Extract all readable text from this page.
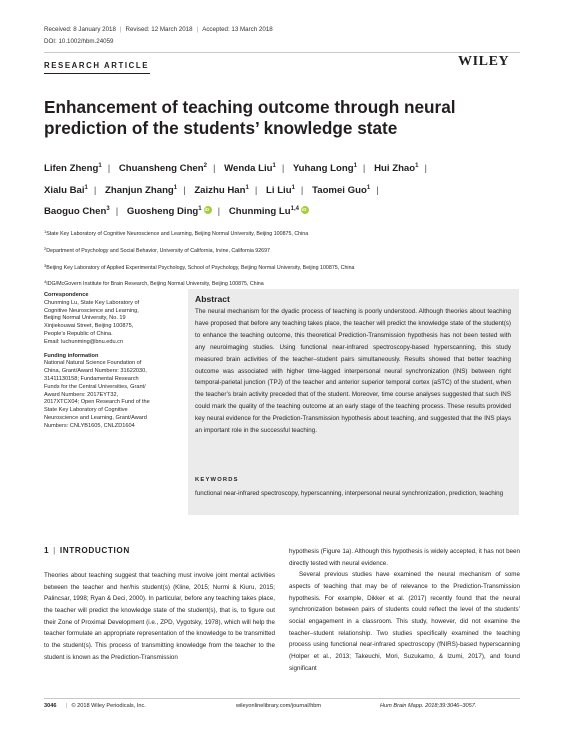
Received: 8 January 2018 | Revised: 12 March 2018 | Accepted: 13 March 2018
DOI: 10.1002/hbm.24059
RESEARCH ARTICLE	WILEY
Enhancement of teaching outcome through neural prediction of the students’ knowledge state
Lifen Zheng$^1$ | Chuansheng Chen$^2$ | Wenda Liu$^1$ | Yuhang Long$^1$ | Hui Zhao$^1$ |
Xialu Bai$^1$ | Zhanjun Zhang$^1$ | Zaizhu Han$^1$ | Li Liu$^1$ | Taomei Guo$^1$ |
Baoguo Chen$^3$ | Guosheng Ding$^1$iD | Chunming Lu$^{1,4}$iD
$^1$State Key Laboratory of Cognitive Neuroscience and Learning, Beijing Normal University, Beijing 100875, China
$^2$Department of Psychology and Social Behavior, University of California, Irvine, California 92697
$^3$Beijing Key Laboratory of Applied Experimental Psychology, School of Psychology, Beijing Normal University, Beijing 100875, China
$^4$IDG/McGovern Institute for Brain Research, Beijing Normal University, Beijing 100875, China
Correspondence
Chunming Lu, State Key Laboratory of
Cognitive Neuroscience and Learning,
Beijing Normal University, No. 19
Xinjiekouwai Street, Beijing 100875,
People’s Republic of China.
Email: luchunming@bnu.edu.cn
Funding information
National Natural Science Foundation of
China, Grant/Award Numbers: 31622030,
31411130158; Fundamental Research
Funds for the Central Universities, Grant/
Award Numbers: 2017EYT32,
2017XTCX04; Open Research Fund of the
State Key Laboratory of Cognitive
Neuroscience and Learning, Grant/Award
Numbers: CNLYB1605, CNLZD1604
Abstract
The neural mechanism for the dyadic process of teaching is poorly understood. Although theories about teaching have proposed that before any teaching takes place, the teacher will predict the knowledge state of the student(s) to enhance the teaching outcome, this theoretical Prediction-Transmission hypothesis has not been tested with any neuroimaging studies. Using functional near-infrared spectroscopy-based hyperscanning, this study measured brain activities of the teacher–student pairs simultaneously. Results showed that better teaching outcome was associated with higher time-lagged interpersonal neural synchronization (INS) between right temporal-parietal junction (TPJ) of the teacher and anterior superior temporal cortex (aSTC) of the student, when the teacher’s brain activity preceded that of the student. Moreover, time course analyses suggested that such INS could mark the quality of the teaching outcome at an early stage of the teaching process. These results provided key neural evidence for the Prediction-Transmission hypothesis about teaching, and suggested that the INS plays an important role in the successful teaching.
KEYWORDS
functional near-infrared spectroscopy, hyperscanning, interpersonal neural synchronization, prediction, teaching
1 | INTRODUCTION

Theories about teaching suggest that teaching must involve joint mental activities between the teacher and her/his student(s) (Kline, 2015; Nurmi & Kiuru, 2015; Palincsar, 1998; Ryan & Deci, 2000). In particular, before any teaching takes place, the teacher will predict the knowledge state of the student(s), that is, to figure out their Zone of Proximal Development (i.e., ZPD, Vygotsky, 1978), which will help the teacher formulate an appropriate representation of the knowledge to be transmitted to the student(s). This process of transmitting knowledge from the teacher to the student is known as the Prediction-Transmission

hypothesis (Figure 1a). Although this hypothesis is widely accepted, it has not been directly tested with neural evidence.

Several previous studies have examined the neural mechanism of some aspects of teaching that may be of relevance to the Prediction-Transmission hypothesis. For example, Dikker et al. (2017) recently found that the neural synchronization between pairs of students could reflect the level of the students’ social engagement in a classroom. This study, however, did not examine the teacher–student relationship. Two studies specifically examined the teaching process using functional near-infrared spectroscopy (fNIRS)-based hyperscanning (Holper et al., 2013; Takeuchi, Mori, Suzukamo, & Izumi, 2017), and found significant

3046 | © 2018 Wiley Periodicals, Inc.	wileyonlinelibrary.com/journal/hbm	Hum Brain Mapp. 2018;39:3046–3057.
